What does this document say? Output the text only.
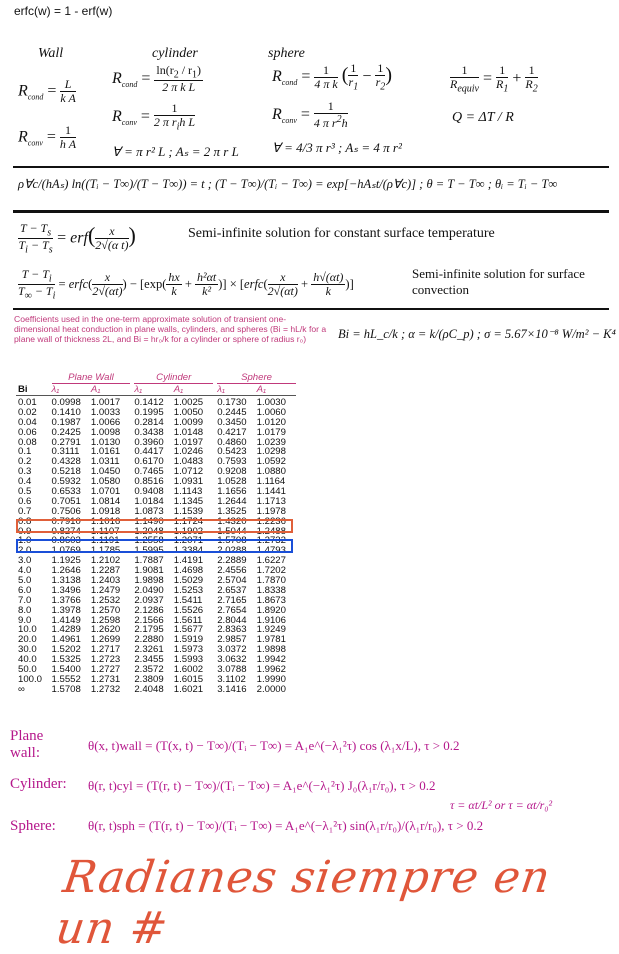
erfc(w) = 1 - erf(w)
Wall	cylinder	sphere
$R_{cond} = \frac{L}{\text{k A}}$
$R_{conv} = \frac{1}{\text{h A}}$
$R_{cond} = \frac{\ln(r_2 / r_1)}{\text{2 π k L}}$
$R_{conv} = \frac{1}{2 \pi r_ih L}$
∀ = π r² L ; Aₛ = 2 π r L
$R_{cond} = \frac{1}{\text{4 π k}}$ ( $\frac{1}{r_1} - \frac{1}{r_2}$ )
$R_{conv} = \frac{1}{4 \pi r^2h}$
∀ = 4/3 π r³ ; Aₛ = 4 π r²
$\frac{1}{R_{equiv}} = \frac{1}{R_1} + \frac{1}{R_2}$
Q = ΔT / R
ρ∀c/(hAₛ) ln((Tᵢ − T∞)/(T − T∞)) = t ; (T − T∞)/(Tᵢ − T∞) = exp[−hAₛt/(ρ∀c)] ; θ = T − T∞ ; θᵢ = Tᵢ − T∞
$\frac{T - T_s}{T_i - T_s} = erf( \frac{x}{\text{2√(α t)}}$ )	Semi-infinite solution for constant surface temperature
$\frac{T - T_i}{T_\infty - T_i}$ = erfc( $\frac{x}{2√(\alpha t)}$ ) − [$\exp( \frac{hx}{k} + \frac{\text{h²αt}}{\text{k²}}$ )] × [erfc( $\frac{x}{2√(\alpha t)} + \frac{h√(\alpha t)}{k}$ )]
Semi-infinite solution for surface convection
Coefficients used in the one-term approximate solution of transient one-dimensional heat conduction in plane walls, cylinders, and spheres (Bi = hL/k for a plane wall of thickness 2L, and Bi = hr₀/k for a cylinder or sphere of radius r₀)	Bi = hL_c/k ; α = k/(ρC_p) ; σ = 5.67×10⁻⁸ W/m² − K⁴
Plane Wall	Cylinder	Sphere
Bi	λ₁	A₁	λ₁	A₁	λ₁	A₁
0.01	0.0998	1.0017	0.1412	1.0025	0.1730	1.0030
0.02	0.1410	1.0033	0.1995	1.0050	0.2445	1.0060
0.04	0.1987	1.0066	0.2814	1.0099	0.3450	1.0120
0.06	0.2425	1.0098	0.3438	1.0148	0.4217	1.0179
0.08	0.2791	1.0130	0.3960	1.0197	0.4860	1.0239
0.1	0.3111	1.0161	0.4417	1.0246	0.5423	1.0298
0.2	0.4328	1.0311	0.6170	1.0483	0.7593	1.0592
0.3	0.5218	1.0450	0.7465	1.0712	0.9208	1.0880
0.4	0.5932	1.0580	0.8516	1.0931	1.0528	1.1164
0.5	0.6533	1.0701	0.9408	1.1143	1.1656	1.1441
0.6	0.7051	1.0814	1.0184	1.1345	1.2644	1.1713
0.7	0.7506	1.0918	1.0873	1.1539	1.3525	1.1978
0.8	0.7910	1.1016	1.1490	1.1724	1.4320	1.2236
0.9	0.8274	1.1107	1.2048	1.1902	1.5044	1.2488
1.0	0.8603	1.1191	1.2558	1.2071	1.5708	1.2732
2.0	1.0769	1.1785	1.5995	1.3384	2.0288	1.4793
3.0	1.1925	1.2102	1.7887	1.4191	2.2889	1.6227
4.0	1.2646	1.2287	1.9081	1.4698	2.4556	1.7202
5.0	1.3138	1.2403	1.9898	1.5029	2.5704	1.7870
6.0	1.3496	1.2479	2.0490	1.5253	2.6537	1.8338
7.0	1.3766	1.2532	2.0937	1.5411	2.7165	1.8673
8.0	1.3978	1.2570	2.1286	1.5526	2.7654	1.8920
9.0	1.4149	1.2598	2.1566	1.5611	2.8044	1.9106
10.0	1.4289	1.2620	2.1795	1.5677	2.8363	1.9249
20.0	1.4961	1.2699	2.2880	1.5919	2.9857	1.9781
30.0	1.5202	1.2717	2.3261	1.5973	3.0372	1.9898
40.0	1.5325	1.2723	2.3455	1.5993	3.0632	1.9942
50.0	1.5400	1.2727	2.3572	1.6002	3.0788	1.9962
100.0 1.5552	1.2731	2.3809	1.6015	3.1102	1.9990
∞	1.5708	1.2732	2.4048	1.6021	3.1416	2.0000
Plane wall:	θ(x, t)wall = (T(x, t) − T∞)/(Tᵢ − T∞) = A₁e^(−λ₁²τ) cos (λ₁x/L), τ > 0.2
Cylinder: θ(r, t)cyl = (T(r, t) − T∞)/(Tᵢ − T∞) = A₁e^(−λ₁²τ) J₀(λ₁r/r₀), τ > 0.2
Sphere: θ(r, t)sph = (T(r, t) − T∞)/(Tᵢ − T∞) = A₁e^(−λ₁²τ) sin(λ₁r/r₀)/(λ₁r/r₀), τ > 0.2
τ = αt/L² or τ = αt/r₀²
Radianes siempre en un #
